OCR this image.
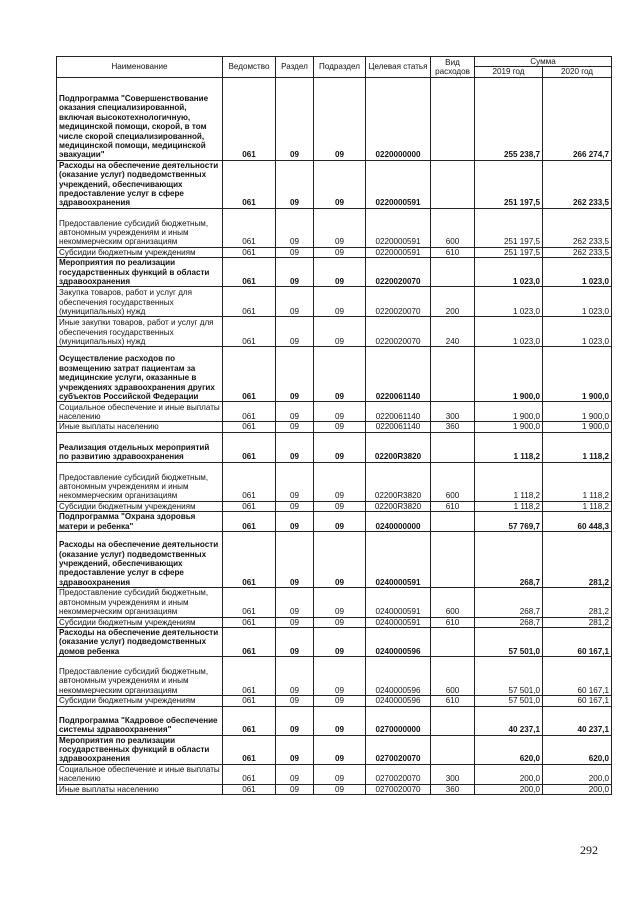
Наименование	Ведомство	Раздел	Подраздел	Целевая статья	Вид расходов	Сумма	
						2019 год	2020 год
Подпрограмма "Совершенствование оказания специализированной, включая высокотехнологичную, медицинской помощи, скорой, в том числе скорой специализированной, медицинской помощи, медицинской эвакуации"	061	09	09	0220000000		255 238,7	266 274,7
Расходы на обеспечение деятельности (оказание услуг) подведомственных учреждений, обеспечивающих предоставление услуг в сфере здравоохранения	061	09	09	0220000591		251 197,5	262 233,5
Предоставление субсидий бюджетным, автономным учреждениям и иным некоммерческим организациям	061	09	09	0220000591	600	251 197,5	262 233,5
Субсидии бюджетным учреждениям	061	09	09	0220000591	610	251 197,5	262 233,5
Мероприятия по реализации государственных функций в области здравоохранения	061	09	09	0220020070		1 023,0	1 023,0
Закупка товаров, работ и услуг для обеспечения государственных (муниципальных) нужд	061	09	09	0220020070	200	1 023,0	1 023,0
Иные закупки товаров, работ и услуг для обеспечения государственных (муниципальных) нужд	061	09	09	0220020070	240	1 023,0	1 023,0
Осуществление расходов по возмещению затрат пациентам за медицинские услуги, оказанные в учреждениях здравоохранения других субъектов Российской Федерации	061	09	09	0220061140		1 900,0	1 900,0
Социальное обеспечение и иные выплаты населению	061	09	09	0220061140	300	1 900,0	1 900,0
Иные выплаты населению	061	09	09	0220061140	360	1 900,0	1 900,0
Реализация отдельных мероприятий по развитию здравоохранения	061	09	09	02200R3820		1 118,2	1 118,2
Предоставление субсидий бюджетным, автономным учреждениям и иным некоммерческим организациям	061	09	09	02200R3820	600	1 118,2	1 118,2
Субсидии бюджетным учреждениям	061	09	09	02200R3820	610	1 118,2	1 118,2
Подпрограмма "Охрана здоровья матери и ребенка"	061	09	09	0240000000		57 769,7	60 448,3
Расходы на обеспечение деятельности (оказание услуг) подведомственных учреждений, обеспечивающих предоставление услуг в сфере здравоохранения	061	09	09	0240000591		268,7	281,2
Предоставление субсидий бюджетным, автономным учреждениям и иным некоммерческим организациям	061	09	09	0240000591	600	268,7	281,2
Субсидии бюджетным учреждениям	061	09	09	0240000591	610	268,7	281,2
Расходы на обеспечение деятельности (оказание услуг) подведомственных домов ребенка	061	09	09	0240000596		57 501,0	60 167,1
Предоставление субсидий бюджетным, автономным учреждениям и иным некоммерческим организациям	061	09	09	0240000596	600	57 501,0	60 167,1
Субсидии бюджетным учреждениям	061	09	09	0240000596	610	57 501,0	60 167,1
Подпрограмма "Кадровое обеспечение системы здравоохранения"	061	09	09	0270000000		40 237,1	40 237,1
Мероприятия по реализации государственных функций в области здравоохранения	061	09	09	0270020070		620,0	620,0
Социальное обеспечение и иные выплаты населению	061	09	09	0270020070	300	200,0	200,0
Иные выплаты населению	061	09	09	0270020070	360	200,0	200,0
292
